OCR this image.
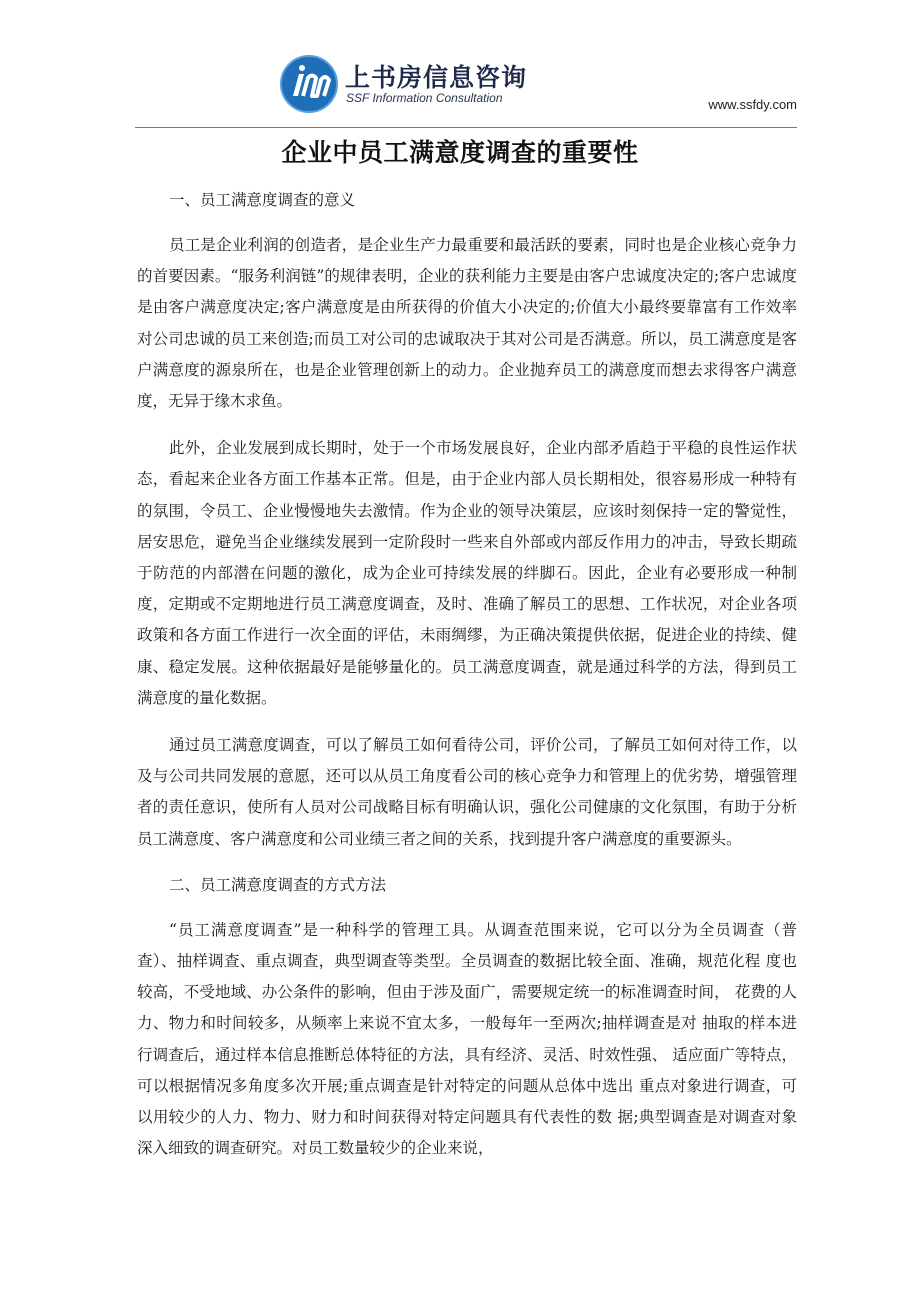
上书房信息咨询
SSF Information Consultation	www.ssfdy.com
企业中员工满意度调查的重要性

一、员工满意度调查的意义

员工是企业利润的创造者，是企业生产力最重要和最活跃的要素，同时也是企业核心竞争力的首要因素。“服务利润链”的规律表明，企业的获利能力主要是由客户忠诚度决定的;客户忠诚度是由客户满意度决定;客户满意度是由所获得的价值大小决定的;价值大小最终要靠富有工作效率对公司忠诚的员工来创造;而员工对公司的忠诚取决于其对公司是否满意。所以，员工满意度是客户满意度的源泉所在，也是企业管理创新上的动力。企业抛弃员工的满意度而想去求得客户满意度，无异于缘木求鱼。

此外，企业发展到成长期时，处于一个市场发展良好，企业内部矛盾趋于平稳的良性运作状态，看起来企业各方面工作基本正常。但是，由于企业内部人员长期相处，很容易形成一种特有的氛围，令员工、企业慢慢地失去激情。作为企业的领导决策层，应该时刻保持一定的警觉性，居安思危，避免当企业继续发展到一定阶段时一些来自外部或内部反作用力的冲击，导致长期疏于防范的内部潜在问题的激化，成为企业可持续发展的绊脚石。因此，企业有必要形成一种制度，定期或不定期地进行员工满意度调查，及时、准确了解员工的思想、工作状况，对企业各项政策和各方面工作进行一次全面的评估，未雨绸缪，为正确决策提供依据，促进企业的持续、健康、稳定发展。这种依据最好是能够量化的。员工满意度调查，就是通过科学的方法，得到员工满意度的量化数据。

通过员工满意度调查，可以了解员工如何看待公司，评价公司，了解员工如何对待工作，以及与公司共同发展的意愿，还可以从员工角度看公司的核心竞争力和管理上的优劣势，增强管理者的责任意识，使所有人员对公司战略目标有明确认识，强化公司健康的文化氛围，有助于分析员工满意度、客户满意度和公司业绩三者之间的关系，找到提升客户满意度的重要源头。

二、员工满意度调查的方式方法

“员工满意度调查”是一种科学的管理工具。从调查范围来说，它可以分为全员调查（普 查）、抽样调查、重点调查，典型调查等类型。全员调查的数据比较全面、准确，规范化程 度也较高，不受地域、办公条件的影响，但由于涉及面广，需要规定统一的标准调查时间， 花费的人力、物力和时间较多，从频率上来说不宜太多，一般每年一至两次;抽样调查是对 抽取的样本进行调查后，通过样本信息推断总体特征的方法，具有经济、灵活、时效性强、 适应面广等特点，可以根据情况多角度多次开展;重点调查是针对特定的问题从总体中选出 重点对象进行调查，可以用较少的人力、物力、财力和时间获得对特定问题具有代表性的数 据;典型调查是对调查对象深入细致的调查研究。对员工数量较少的企业来说，
